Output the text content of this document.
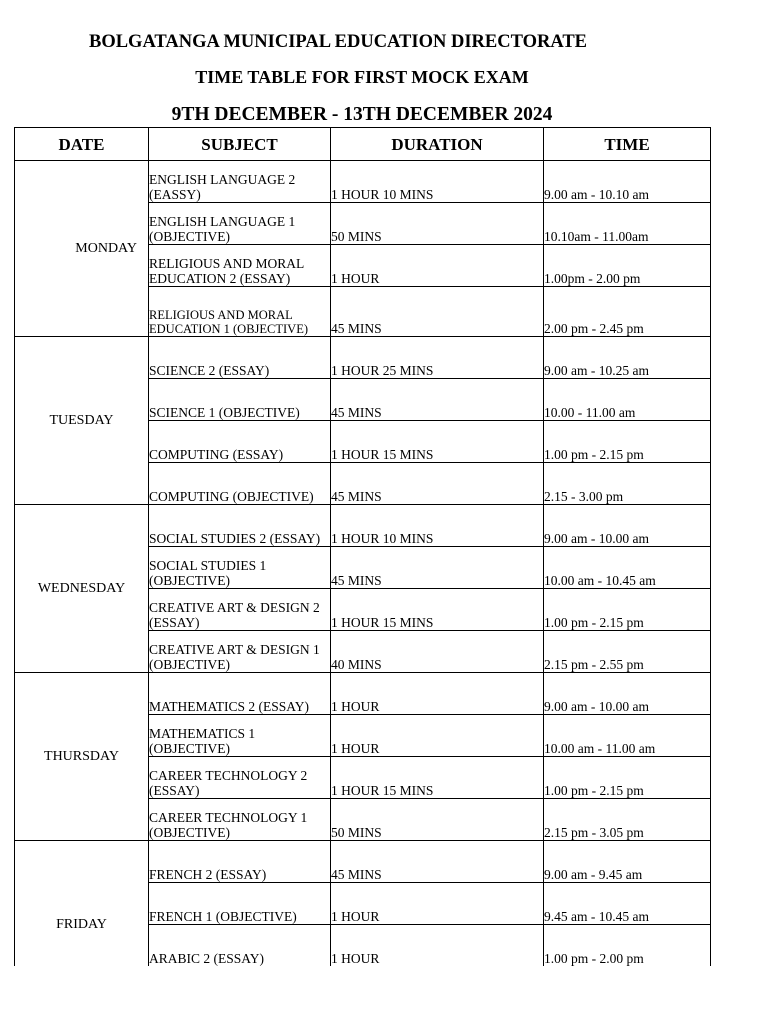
BOLGATANGA MUNICIPAL EDUCATION DIRECTORATE
TIME TABLE FOR FIRST MOCK EXAM
9TH DECEMBER - 13TH DECEMBER 2024
DATE	SUBJECT	DURATION	TIME
MONDAY	ENGLISH LANGUAGE 2 (EASSY)	1 HOUR 10 MINS	9.00 am - 10.10 am
	ENGLISH LANGUAGE 1 (OBJECTIVE)	50 MINS	10.10am - 11.00am
	RELIGIOUS AND MORAL EDUCATION 2 (ESSAY)	1 HOUR	1.00pm - 2.00 pm
	RELIGIOUS AND MORAL EDUCATION 1 (OBJECTIVE)	45 MINS	2.00 pm - 2.45 pm
TUESDAY	SCIENCE 2 (ESSAY)	1 HOUR 25 MINS	9.00 am - 10.25 am
	SCIENCE 1 (OBJECTIVE)	45 MINS	10.00 - 11.00 am
	COMPUTING (ESSAY)	1 HOUR 15 MINS	1.00 pm - 2.15 pm
	COMPUTING (OBJECTIVE)	45 MINS	2.15 - 3.00 pm
WEDNESDAY	SOCIAL STUDIES 2 (ESSAY)	1 HOUR 10 MINS	9.00 am - 10.00 am
	SOCIAL STUDIES 1 (OBJECTIVE)	45 MINS	10.00 am - 10.45 am
	CREATIVE ART & DESIGN 2 (ESSAY)	1 HOUR 15 MINS	1.00 pm - 2.15 pm
	CREATIVE ART & DESIGN 1 (OBJECTIVE)	40 MINS	2.15 pm - 2.55 pm
THURSDAY	MATHEMATICS 2 (ESSAY)	1 HOUR	9.00 am - 10.00 am
	MATHEMATICS 1 (OBJECTIVE)	1 HOUR	10.00 am - 11.00 am
	CAREER TECHNOLOGY 2 (ESSAY)	1 HOUR 15 MINS	1.00 pm - 2.15 pm
	CAREER TECHNOLOGY 1 (OBJECTIVE)	50 MINS	2.15 pm - 3.05 pm
FRIDAY	FRENCH 2 (ESSAY)	45 MINS	9.00 am - 9.45 am
	FRENCH 1 (OBJECTIVE)	1 HOUR	9.45 am - 10.45 am
	ARABIC 2 (ESSAY)	1 HOUR	1.00 pm - 2.00 pm
